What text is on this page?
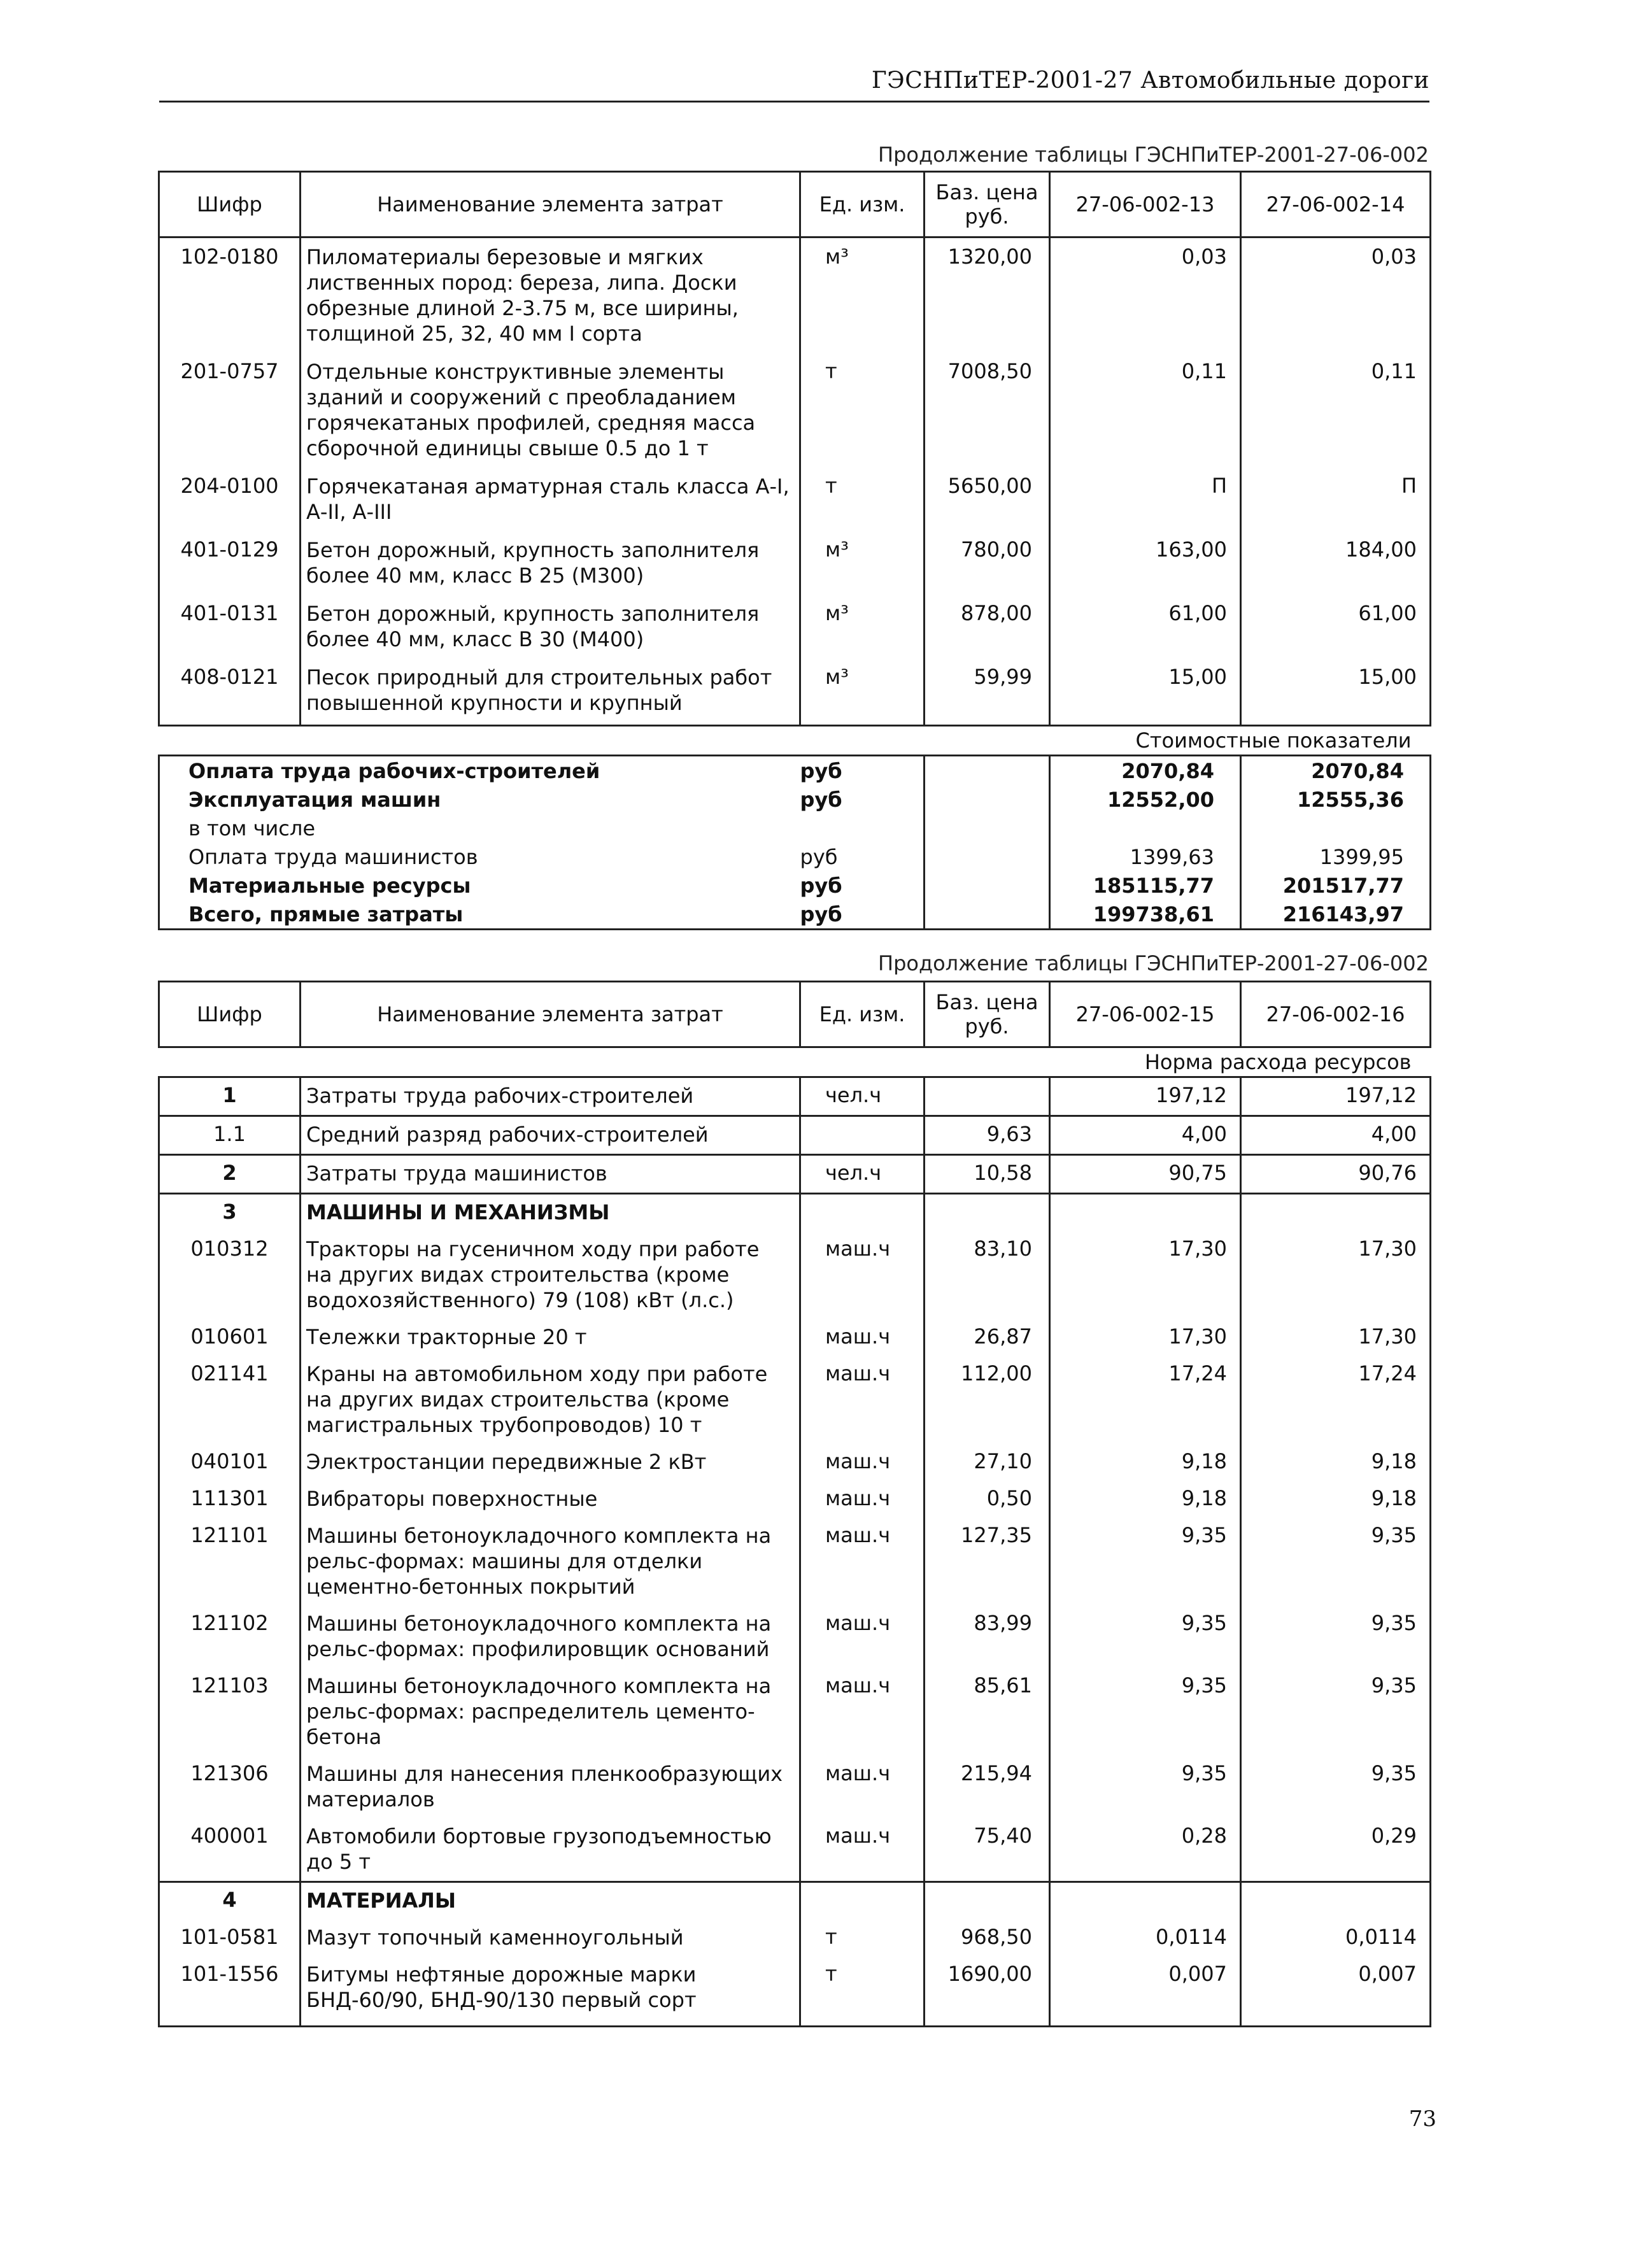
ГЭСНПиТЕР-2001-27 Автомобильные дороги
Продолжение таблицы ГЭСНПиТЕР-2001-27-06-002
Шифр	Наименование элемента затрат	Ед. изм.	Баз. цена руб.	27-06-002-13	27-06-002-14
102-0180	Пиломатериалы березовые и мягких лиственных пород: береза, липа. Доски обрезные длиной 2-3.75 м, все ширины, толщиной 25, 32, 40 мм I сорта	м³	1320,00	0,03	0,03
201-0757	Отдельные конструктивные элементы зданий и сооружений с преобладанием горячекатаных профилей, средняя масса сборочной единицы свыше 0.5 до 1 т	т	7008,50	0,11	0,11
204-0100	Горячекатаная арматурная сталь класса А-I, А-II, А-III	т	5650,00	П	П
401-0129	Бетон дорожный, крупность заполнителя более 40 мм, класс В 25 (М300)	м³	780,00	163,00	184,00
401-0131	Бетон дорожный, крупность заполнителя более 40 мм, класс В 30 (М400)	м³	878,00	61,00	61,00
408-0121	Песок природный для строительных работ повышенной крупности и крупный	м³	59,99	15,00	15,00
Стоимостные показатели					
Оплата труда рабочих-строителей		руб		2070,84	2070,84
Эксплуатация машин		руб		12552,00	12555,36
в том числе					
Оплата труда машинистов		руб		1399,63	1399,95
Материальные ресурсы		руб		185115,77	201517,77
Всего, прямые затраты		руб		199738,61	216143,97
Продолжение таблицы ГЭСНПиТЕР-2001-27-06-002
Шифр	Наименование элемента затрат	Ед. изм.	Баз. цена руб.	27-06-002-15	27-06-002-16
Норма расхода ресурсов					
1	Затраты труда рабочих-строителей	чел.ч		197,12	197,12
1.1	Средний разряд рабочих-строителей		9,63	4,00	4,00
2	Затраты труда машинистов	чел.ч	10,58	90,75	90,76
3	МАШИНЫ И МЕХАНИЗМЫ				
010312	Тракторы на гусеничном ходу при работе на других видах строительства (кроме водохозяйственного) 79 (108) кВт (л.с.)	маш.ч	83,10	17,30	17,30
010601	Тележки тракторные 20 т	маш.ч	26,87	17,30	17,30
021141	Краны на автомобильном ходу при работе на других видах строительства (кроме магистральных трубопроводов) 10 т	маш.ч	112,00	17,24	17,24
040101	Электростанции передвижные 2 кВт	маш.ч	27,10	9,18	9,18
111301	Вибраторы поверхностные	маш.ч	0,50	9,18	9,18
121101	Машины бетоноукладочного комплекта на рельс-формах: машины для отделки цементно-бетонных покрытий	маш.ч	127,35	9,35	9,35
121102	Машины бетоноукладочного комплекта на рельс-формах: профилировщик оснований	маш.ч	83,99	9,35	9,35
121103	Машины бетоноукладочного комплекта на рельс-формах: распределитель цементо-бетона	маш.ч	85,61	9,35	9,35
121306	Машины для нанесения пленкообразующих материалов	маш.ч	215,94	9,35	9,35
400001	Автомобили бортовые грузоподъемностью до 5 т	маш.ч	75,40	0,28	0,29
4	МАТЕРИАЛЫ				
101-0581	Мазут топочный каменноугольный	т	968,50	0,0114	0,0114
101-1556	Битумы нефтяные дорожные марки БНД-60/90, БНД-90/130 первый сорт	т	1690,00	0,007	0,007
73
